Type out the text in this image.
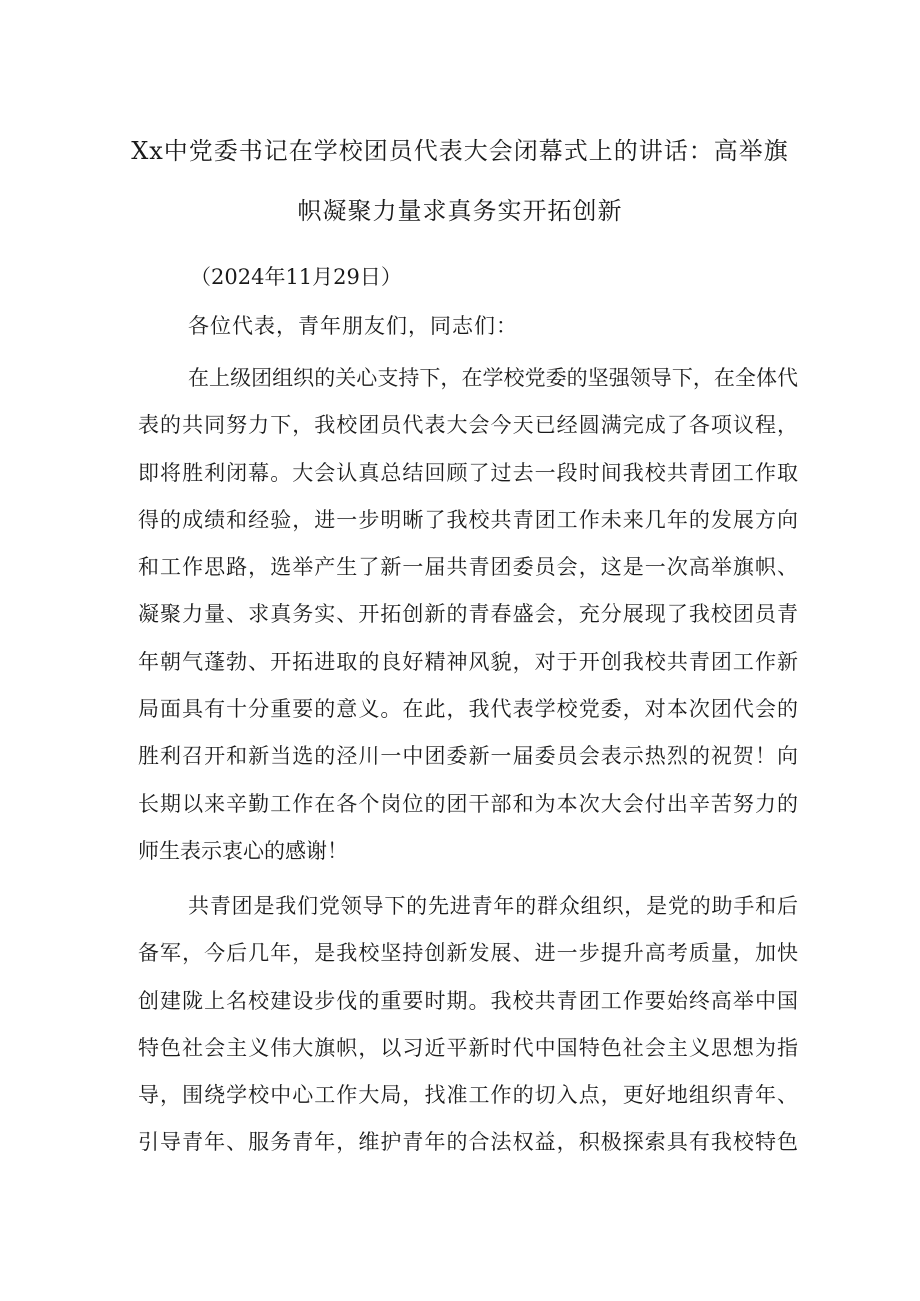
Xx中党委书记在学校团员代表大会闭幕式上的讲话：高举旗
帜凝聚力量求真务实开拓创新
（2024年11月29日）
各位代表，青年朋友们，同志们：
在上级团组织的关心支持下，在学校党委的坚强领导下，在全体代
表的共同努力下，我校团员代表大会今天已经圆满完成了各项议程，
即将胜利闭幕。大会认真总结回顾了过去一段时间我校共青团工作取
得的成绩和经验，进一步明晰了我校共青团工作未来几年的发展方向
和工作思路，选举产生了新一届共青团委员会，这是一次高举旗帜、
凝聚力量、求真务实、开拓创新的青春盛会，充分展现了我校团员青
年朝气蓬勃、开拓进取的良好精神风貌，对于开创我校共青团工作新
局面具有十分重要的意义。在此，我代表学校党委，对本次团代会的
胜利召开和新当选的泾川一中团委新一届委员会表示热烈的祝贺！向
长期以来辛勤工作在各个岗位的团干部和为本次大会付出辛苦努力的
师生表示衷心的感谢！
共青团是我们党领导下的先进青年的群众组织，是党的助手和后
备军，今后几年，是我校坚持创新发展、进一步提升高考质量，加快
创建陇上名校建设步伐的重要时期。我校共青团工作要始终高举中国
特色社会主义伟大旗帜，以习近平新时代中国特色社会主义思想为指
导，围绕学校中心工作大局，找准工作的切入点，更好地组织青年、
引导青年、服务青年，维护青年的合法权益，积极探索具有我校特色
